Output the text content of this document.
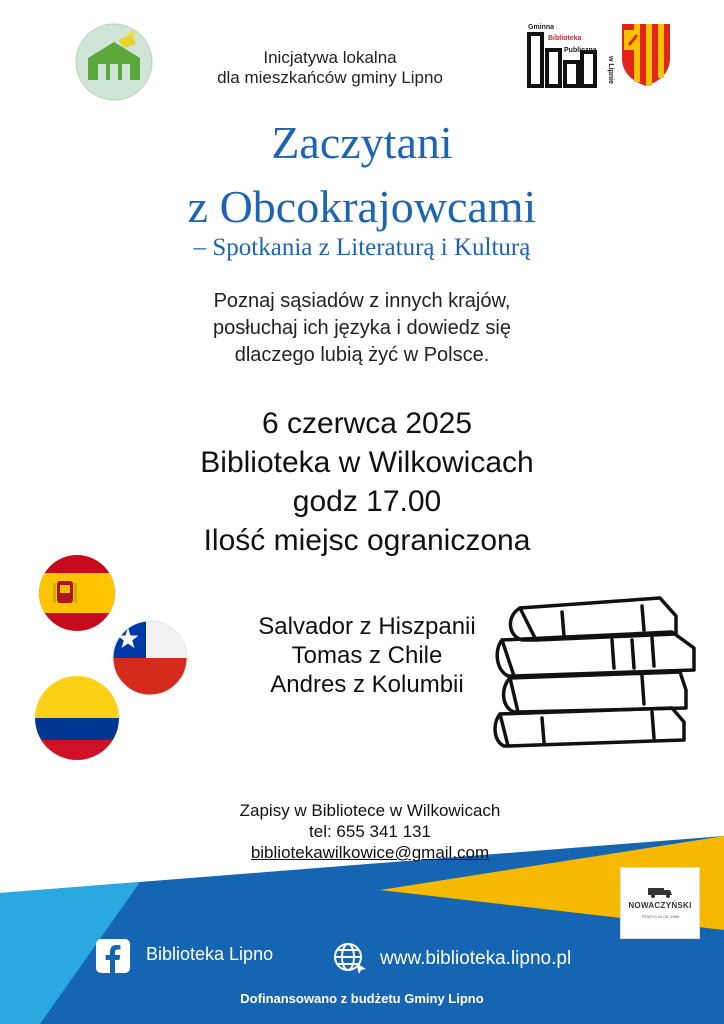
Inicjatywa lokalna
dla mieszkańców gminy Lipno
Gminna
Biblioteka
Publiczna
w Lipnie
Zaczytani
z Obcokrajowcami
– Spotkania z Literaturą i Kulturą
Poznaj sąsiadów z innych krajów,
posłuchaj ich języka i dowiedz się
dlaczego lubią żyć w Polsce.
6 czerwca 2025
Biblioteka w Wilkowicach
godz 17.00
Ilość miejsc ograniczona
Salvador z Hiszpanii
Tomas z Chile
Andres z Kolumbii
Zapisy w Bibliotece w Wilkowicach
tel: 655 341 131
bibliotekawilkowice@gmail.com
NOWACZYŃSKI
TRADYCJA OD 1986
Biblioteka Lipno	www.biblioteka.lipno.pl
Dofinansowano z budżetu Gminy Lipno
